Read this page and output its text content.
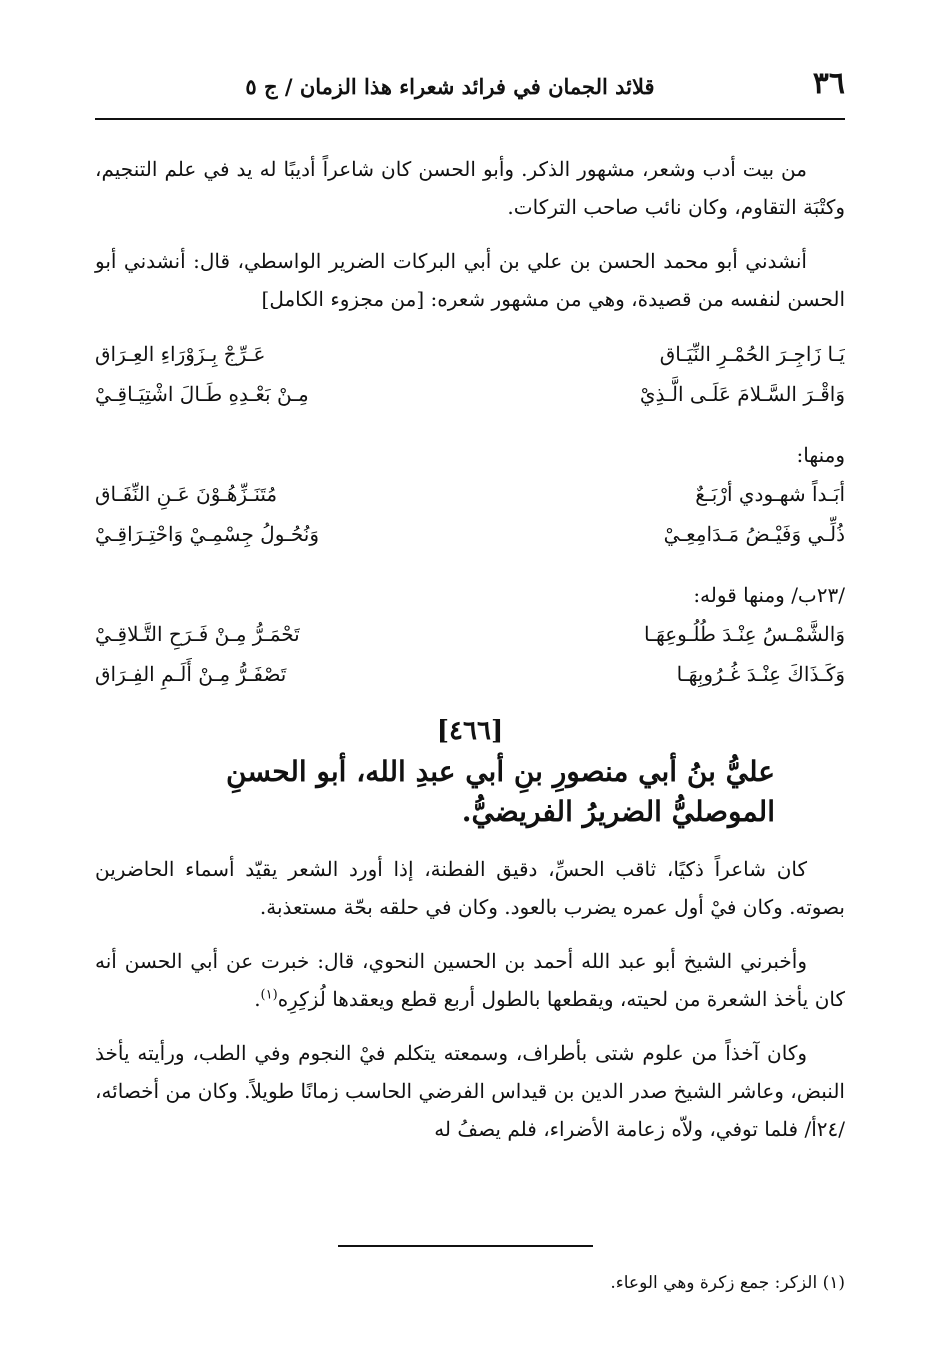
٣٦
قلائد الجمان في فرائد شعراء هذا الزمان / ج ٥

من بيت أدب وشعر، مشهور الذكر. وأبو الحسن كان شاعراً أديبًا له يد في علم التنجيم، وكتْبَة التقاوم، وكان نائب صاحب التركات.

أنشدني أبو محمد الحسن بن علي بن أبي البركات الضرير الواسطي، قال: أنشدني أبو الحسن لنفسه من قصيدة، وهي من مشهور شعره: [من مجزوء الكامل]

يَـا زَاجِـرَ الحُمْـرِ النِّيَـاق
عَـرِّجْ بِـزَوْرَاءِ العِـرَاق
وَاقْـرَ السَّـلامَ عَلَـى الَّـذِيْ
مِـنْ بَعْـدِهِ طَـالَ اشْتِيَـاقِـيْ

ومنها:

أبَـداً شهـودي أرْبَـعٌ
مُتَنَـزِّهُـوْنَ عَـنِ النِّفَـاق
ذُلِّـي وَفَيْـضُ مَـدَامِعِـيْ
وَنُحُـولُ جِسْمِـيْ وَاحْتِـرَاقِـيْ

/٢٣ب/ ومنها قوله:

وَالشَّمْـسُ عِنْـدَ طُلُـوعِهَـا
تَحْمَـرُّ مِـنْ فَـرَحِ التَّـلاقِـيْ
وَكَـذَاكَ عِنْـدَ غُـرُوبِهَـا
تَصْفَـرُّ مِـنْ أَلَـمِ الفِـرَاق
[٤٦٦]
عليُّ بنُ أبي منصورِ بنِ أبي عبدِ الله، أبو الحسنِ الموصليُّ الضريرُ الفريضيُّ.

كان شاعراً ذكيًا، ثاقب الحسِّ، دقيق الفطنة، إذا أورد الشعر يقيّد أسماء الحاضرين بصوته. وكان فيْ أول عمره يضرب بالعود. وكان في حلقه بحّة مستعذبة.

وأخبرني الشيخ أبو عبد الله أحمد بن الحسين النحوي، قال: خبرت عن أبي الحسن أنه كان يأخذ الشعرة من لحيته، ويقطعها بالطول أربع قطع ويعقدها لُزكِرِه$^{(١)}$.

وكان آخذاً من علوم شتى بأطراف، وسمعته يتكلم فيْ النجوم وفي الطب، ورأيته يأخذ النبض، وعاشر الشيخ صدر الدين بن قيداس الفرضي الحاسب زمانًا طويلاً. وكان من أخصائه، /٢٤أ/ فلما توفي، ولاّه زعامة الأضراء، فلم يصفُ له

(١) الزكر: جمع زكرة وهي الوعاء.
